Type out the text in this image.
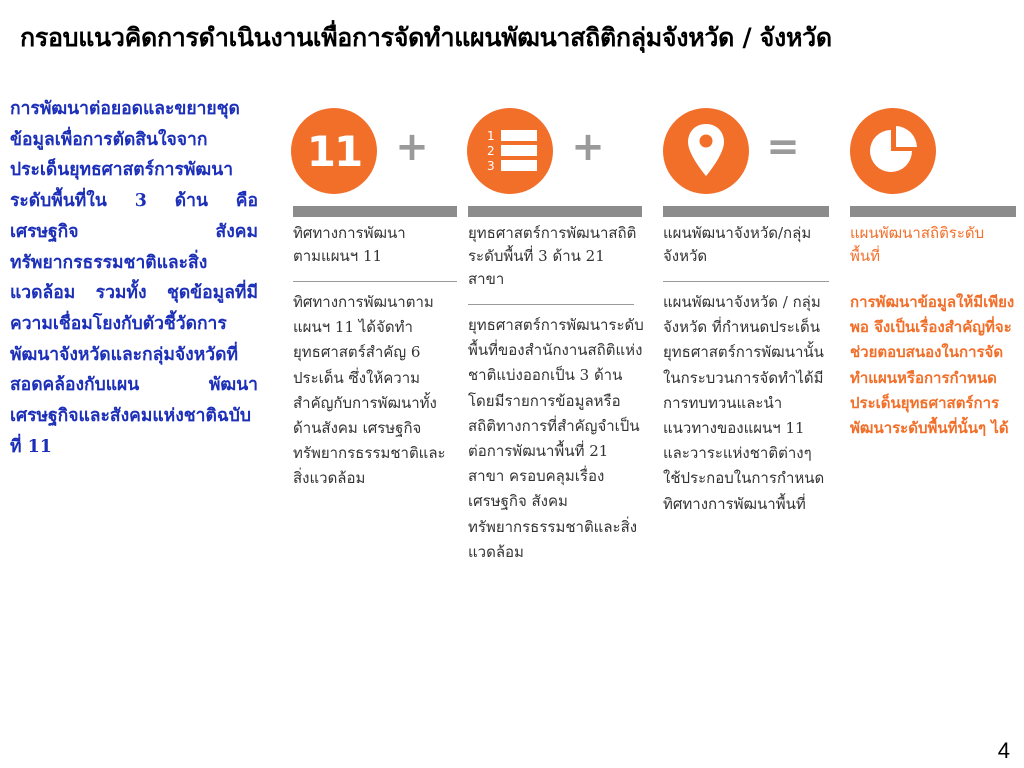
กรอบแนวคิดการดำเนินงานเพื่อการจัดทำแผนพัฒนาสถิติกลุ่มจังหวัด / จังหวัด
การพัฒนาต่อยอดและขยายชุดข้อมูลเพื่อการตัดสินใจจากประเด็นยุทธศาสตร์การพัฒนาระดับพื้นที่ใน 3 ด้าน คือ เศรษฐกิจ สังคม ทรัพยากรธรรมชาติและสิ่งแวดล้อม รวมทั้ง ชุดข้อมูลที่มีความเชื่อมโยงกับตัวชี้วัดการพัฒนาจังหวัดและกลุ่มจังหวัดที่สอดคล้องกับแผน พัฒนาเศรษฐกิจและสังคมแห่งชาติฉบับที่ 11
11 +	1
2
3 +	=
ทิศทางการพัฒนาตามแผนฯ 11
ทิศทางการพัฒนาตามแผนฯ 11 ได้จัดทำยุทธศาสตร์สำคัญ 6 ประเด็น ซึ่งให้ความสำคัญกับการพัฒนาทั้งด้านสังคม เศรษฐกิจ ทรัพยากรธรรมชาติและสิ่งแวดล้อม
ยุทธศาสตร์การพัฒนาสถิติระดับพื้นที่ 3 ด้าน 21 สาขา
ยุทธศาสตร์การพัฒนาระดับพื้นที่ของสำนักงานสถิติแห่งชาติแบ่งออกเป็น 3 ด้าน โดยมีรายการข้อมูลหรือสถิติทางการที่สำคัญจำเป็นต่อการพัฒนาพื้นที่ 21 สาขา ครอบคลุมเรื่องเศรษฐกิจ สังคม ทรัพยากรธรรมชาติและสิ่งแวดล้อม
แผนพัฒนาจังหวัด/กลุ่มจังหวัด
แผนพัฒนาจังหวัด / กลุ่มจังหวัด ที่กำหนดประเด็นยุทธศาสตร์การพัฒนานั้น ในกระบวนการจัดทำได้มีการทบทวนและนำแนวทางของแผนฯ 11 และวาระแห่งชาติต่างๆ ใช้ประกอบในการกำหนดทิศทางการพัฒนาพื้นที่
แผนพัฒนาสถิติระดับพื้นที่
การพัฒนาข้อมูลให้มีเพียงพอ จึงเป็นเรื่องสำคัญที่จะช่วยตอบสนองในการจัดทำแผนหรือการกำหนดประเด็นยุทธศาสตร์การพัฒนาระดับพื้นที่นั้นๆ ได้
4
